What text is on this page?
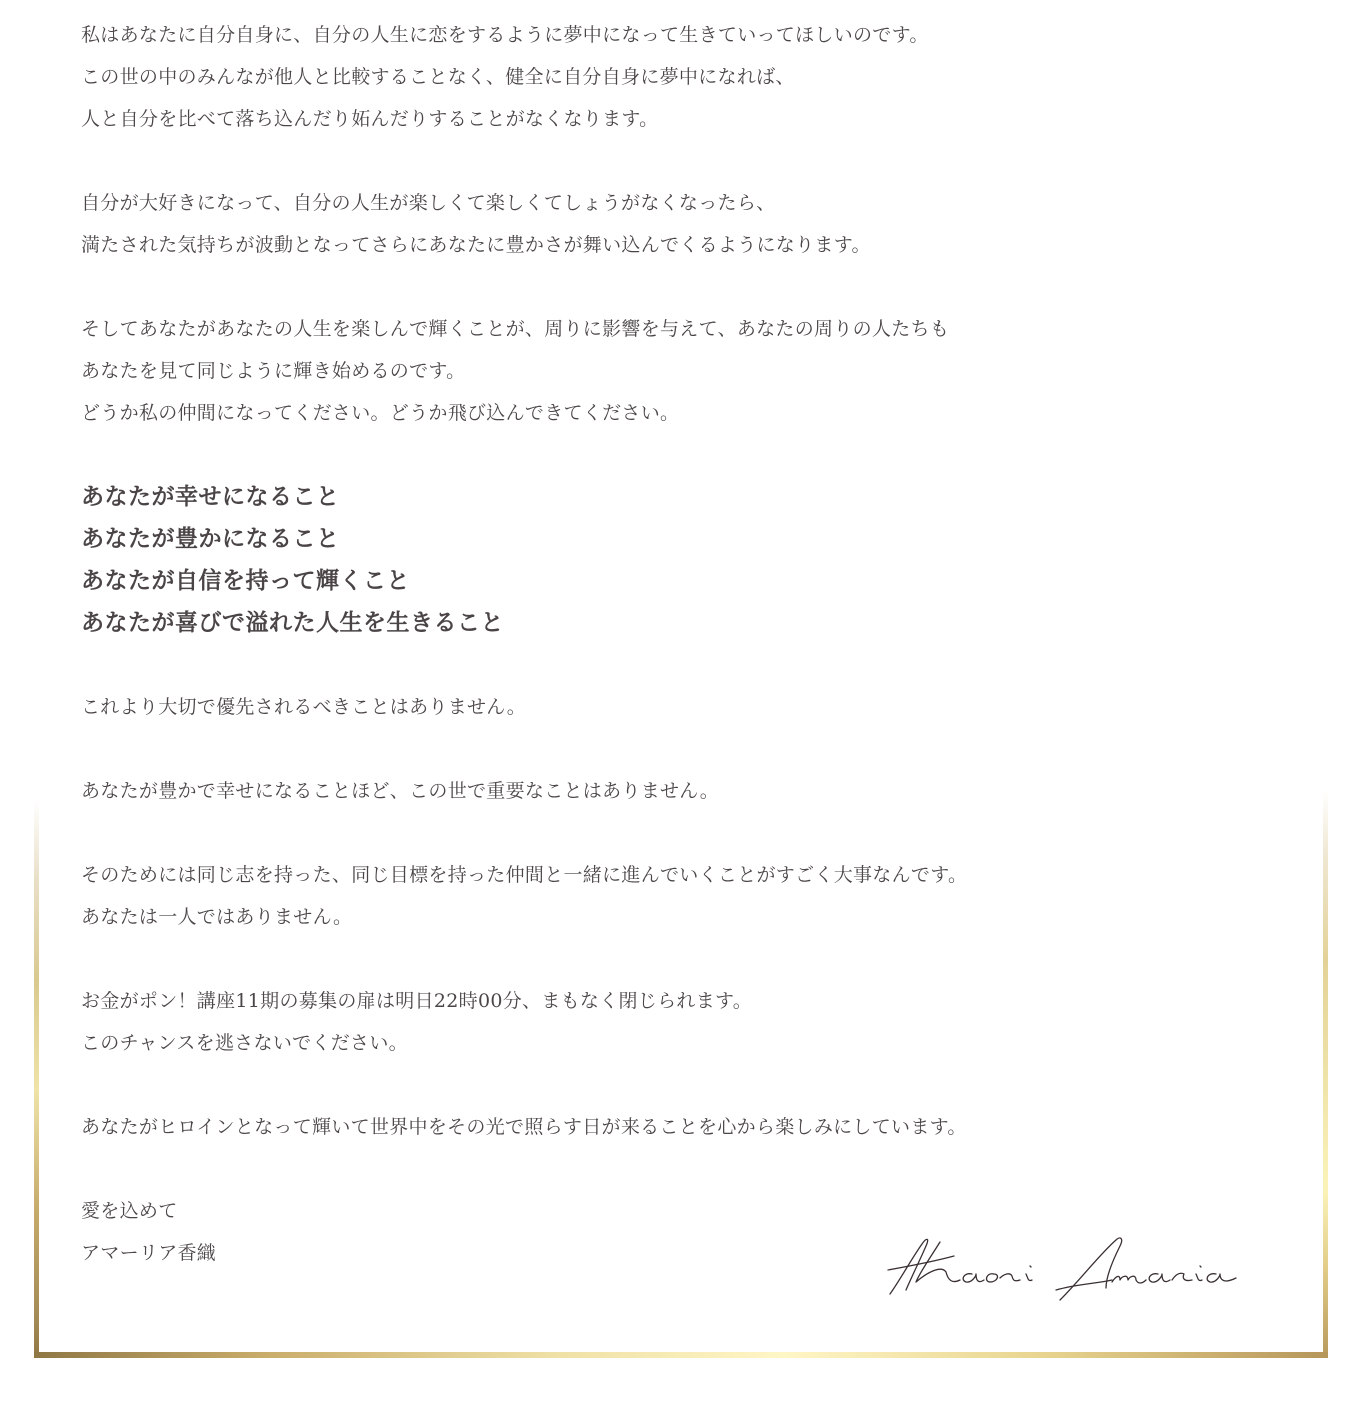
私はあなたに自分自身に、自分の人生に恋をするように夢中になって生きていってほしいのです。
この世の中のみんなが他人と比較することなく、健全に自分自身に夢中になれば、
人と自分を比べて落ち込んだり妬んだりすることがなくなります。
自分が大好きになって、自分の人生が楽しくて楽しくてしょうがなくなったら、
満たされた気持ちが波動となってさらにあなたに豊かさが舞い込んでくるようになります。
そしてあなたがあなたの人生を楽しんで輝くことが、周りに影響を与えて、あなたの周りの人たちも
あなたを見て同じように輝き始めるのです。
どうか私の仲間になってください。どうか飛び込んできてください。
あなたが幸せになること
あなたが豊かになること
あなたが自信を持って輝くこと
あなたが喜びで溢れた人生を生きること
これより大切で優先されるべきことはありません。
あなたが豊かで幸せになることほど、この世で重要なことはありません。
そのためには同じ志を持った、同じ目標を持った仲間と一緒に進んでいくことがすごく大事なんです。
あなたは一人ではありません。
お金がポン！講座11期の募集の扉は明日22時00分、まもなく閉じられます。
このチャンスを逃さないでください。
あなたがヒロインとなって輝いて世界中をその光で照らす日が来ることを心から楽しみにしています。
愛を込めて
アマーリア香織
